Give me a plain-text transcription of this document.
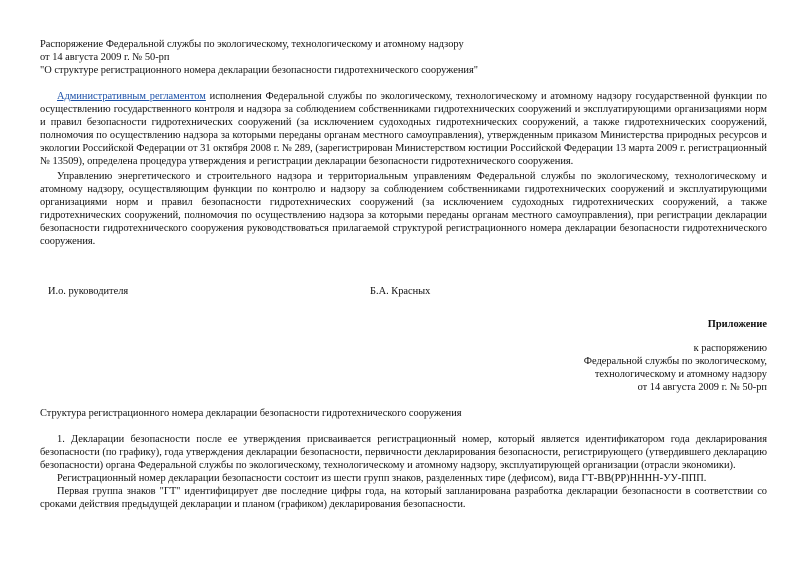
Распоряжение Федеральной службы по экологическому, технологическому и атомному надзору
от 14 августа 2009 г. № 50-рп
"О структуре регистрационного номера декларации безопасности гидротехнического сооружения"

Административным регламентом исполнения Федеральной службы по экологическому, технологическому и атомному надзору государственной функции по осуществлению государственного контроля и надзора за соблюдением собственниками гидротехнических сооружений и эксплуатирующими организациями норм и правил безопасности гидротехнических сооружений (за исключением судоходных гидротехнических сооружений, а также гидротехнических сооружений, полномочия по осуществлению надзора за которыми переданы органам местного самоуправления), утвержденным приказом Министерства природных ресурсов и экологии Российской Федерации от 31 октября 2008 г. № 289, (зарегистрирован Министерством юстиции Российской Федерации 13 марта 2009 г. регистрационный № 13509), определена процедура утверждения и регистрации декларации безопасности гидротехнического сооружения.

Управлению энергетического и строительного надзора и территориальным управлениям Федеральной службы по экологическому, технологическому и атомному надзору, осуществляющим функции по контролю и надзору за соблюдением собственниками гидротехнических сооружений и эксплуатирующими организациями норм и правил безопасности гидротехнических сооружений (за исключением судоходных гидротехнических сооружений, а также гидротехнических сооружений, полномочия по осуществлению надзора за которыми переданы органам местного самоуправления), при регистрации декларации безопасности гидротехнического сооружения руководствоваться прилагаемой структурой регистрационного номера декларации безопасности гидротехнического сооружения.

И.о. руководителя	Б.А. Красных
Приложение
к распоряжению
Федеральной службы по экологическому,
технологическому и атомному надзору
от 14 августа 2009 г. № 50-рп
Структура регистрационного номера декларации безопасности гидротехнического сооружения

1. Декларации безопасности после ее утверждения присваивается регистрационный номер, который является идентификатором года декларирования безопасности (по графику), года утверждения декларации безопасности, первичности декларирования безопасности, регистрирующего (утвердившего декларацию безопасности) органа Федеральной службы по экологическому, технологическому и атомному надзору, эксплуатирующей организации (отрасли экономики).

Регистрационный номер декларации безопасности состоит из шести групп знаков, разделенных тире (дефисом), вида ГТ-ВВ(РР)НННН-УУ-ППП.

Первая группа знаков "ГТ" идентифицирует две последние цифры года, на который запланирована разработка декларации безопасности в соответствии со сроками действия предыдущей декларации и планом (графиком) декларирования безопасности.
